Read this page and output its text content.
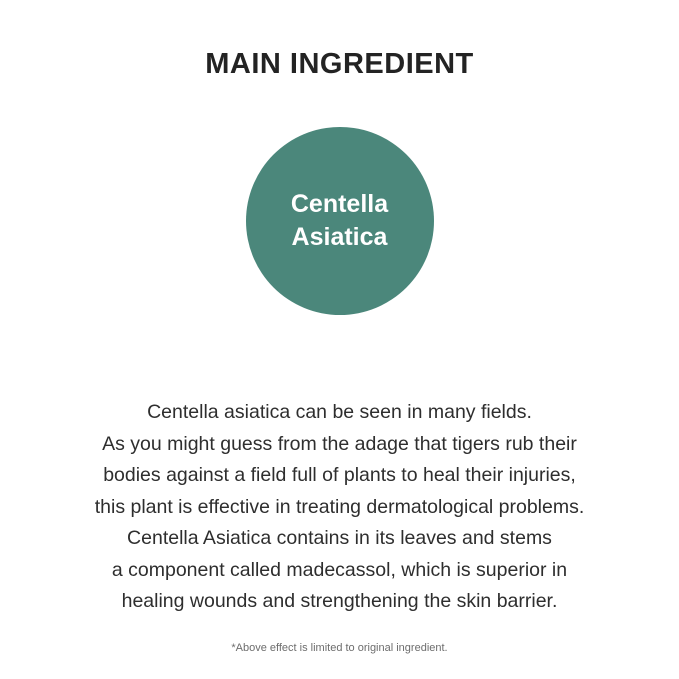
MAIN INGREDIENT
Centella
Asiatica
Centella asiatica can be seen in many fields.
As you might guess from the adage that tigers rub their
bodies against a field full of plants to heal their injuries,
this plant is effective in treating dermatological problems.
Centella Asiatica contains in its leaves and stems
a component called madecassol, which is superior in
healing wounds and strengthening the skin barrier.
*Above effect is limited to original ingredient.
